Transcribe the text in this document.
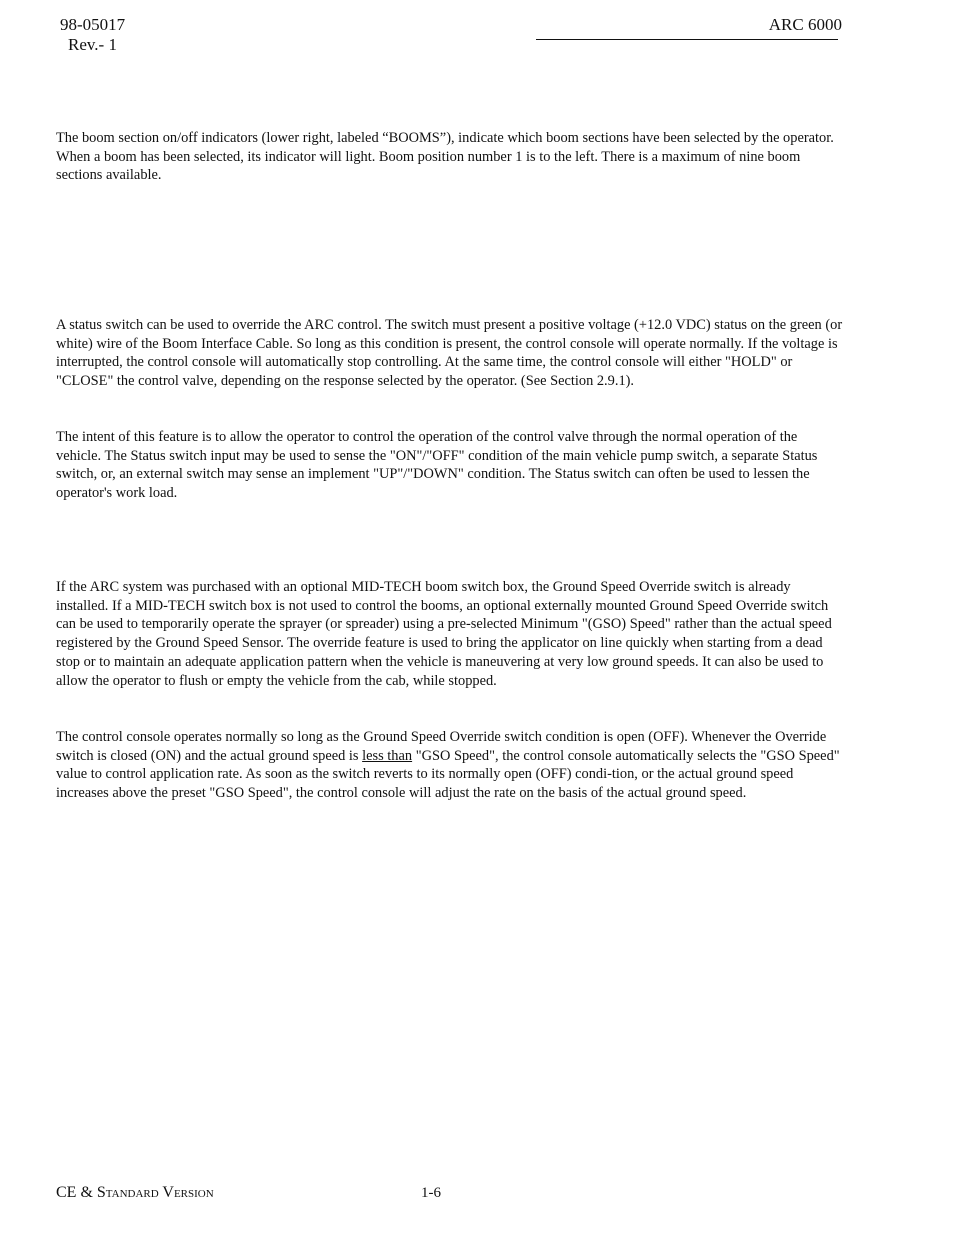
98-05017
Rev.- 1
ARC 6000

The boom section on/off indicators (lower right, labeled “BOOMS”), indicate which boom sections have been selected by the operator. When a boom has been selected, its indicator will light. Boom position number 1 is to the left. There is a maximum of nine boom sections available.

A status switch can be used to override the ARC control. The switch must present a positive voltage (+12.0 VDC) status on the green (or white) wire of the Boom Interface Cable. So long as this condition is present, the control console will operate normally. If the voltage is interrupted, the control console will automatically stop controlling. At the same time, the control console will either "HOLD" or "CLOSE" the control valve, depending on the response selected by the operator. (See Section 2.9.1).

The intent of this feature is to allow the operator to control the operation of the control valve through the normal operation of the vehicle. The Status switch input may be used to sense the "ON"/"OFF" condition of the main vehicle pump switch, a separate Status switch, or, an external switch may sense an implement "UP"/"DOWN" condition. The Status switch can often be used to lessen the operator's work load.

If the ARC system was purchased with an optional MID-TECH boom switch box, the Ground Speed Override switch is already installed. If a MID-TECH switch box is not used to control the booms, an optional externally mounted Ground Speed Override switch can be used to temporarily operate the sprayer (or spreader) using a pre-selected Minimum "(GSO) Speed" rather than the actual speed registered by the Ground Speed Sensor. The override feature is used to bring the applicator on line quickly when starting from a dead stop or to maintain an adequate application pattern when the vehicle is maneuvering at very low ground speeds. It can also be used to allow the operator to flush or empty the vehicle from the cab, while stopped.

The control console operates normally so long as the Ground Speed Override switch condition is open (OFF). Whenever the Override switch is closed (ON) and the actual ground speed is less than "GSO Speed", the control console automatically selects the "GSO Speed" value to control application rate. As soon as the switch reverts to its normally open (OFF) condi-tion, or the actual ground speed increases above the preset "GSO Speed", the control console will adjust the rate on the basis of the actual ground speed.

CE & Standard Version	1-6
